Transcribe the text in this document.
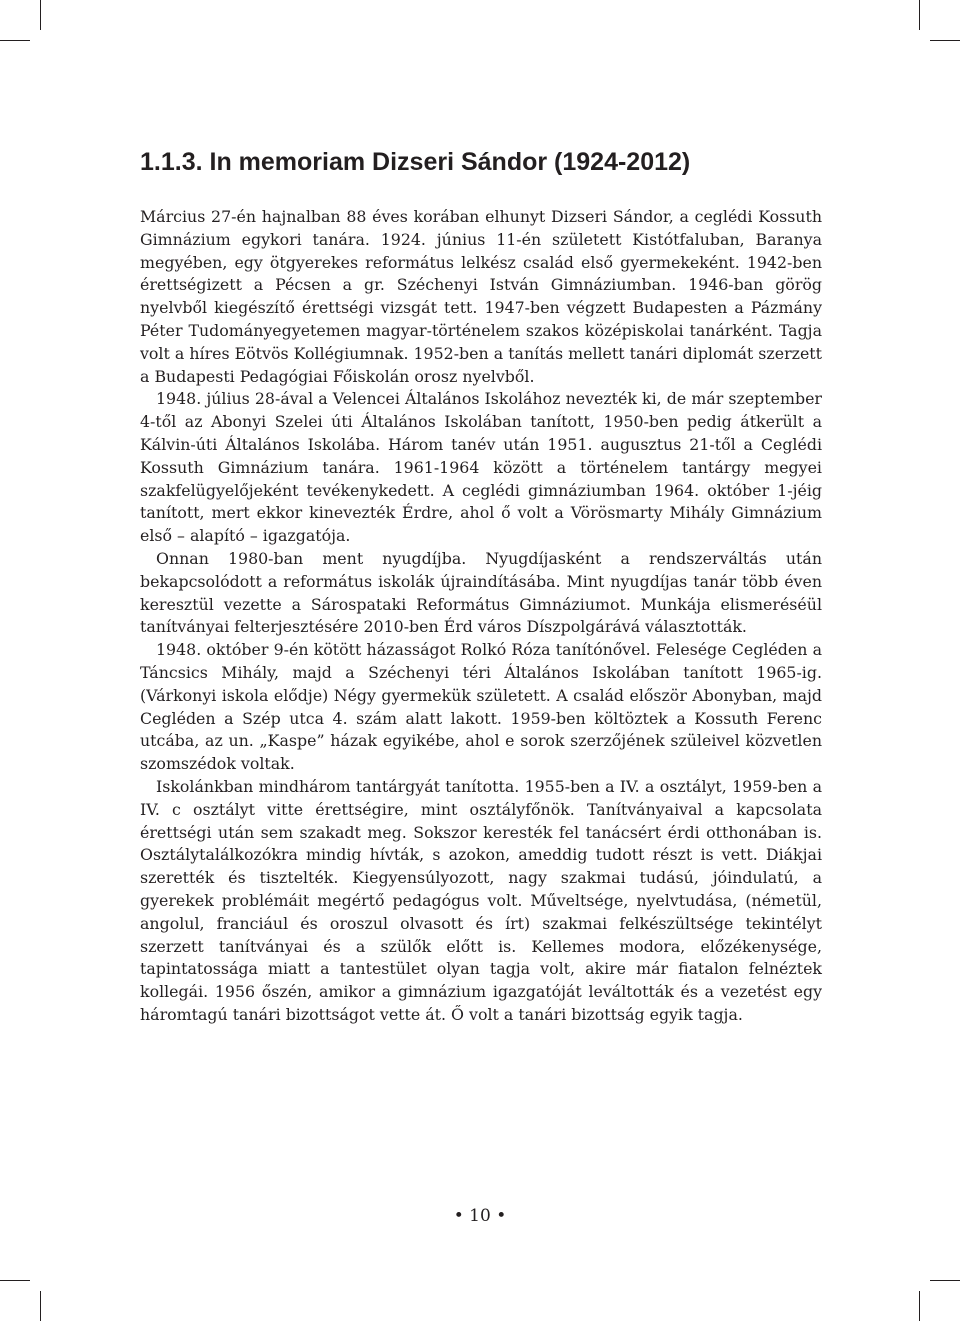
1.1.3. In memoriam Dizseri Sándor (1924-2012)

Március 27-én hajnalban 88 éves korában elhunyt Dizseri Sándor, a ceglédi Kossuth Gimnázium egykori tanára. 1924. június 11-én született Kistótfaluban, Baranya megyében, egy ötgyerekes református lelkész család első gyermekeként. 1942-ben érettségizett a Pécsen a gr. Széchenyi István Gimnáziumban. 1946-ban görög nyelvből kiegészítő érettségi vizsgát tett. 1947-ben végzett Budapesten a Pázmány Péter Tudományegyetemen magyar-történelem szakos középiskolai tanárként. Tagja volt a híres Eötvös Kollégiumnak. 1952-ben a tanítás mellett tanári diplomát szerzett a Budapesti Pedagógiai Főiskolán orosz nyelvből.

1948. július 28-ával a Velencei Általános Iskolához nevezték ki, de már szeptember 4-től az Abonyi Szelei úti Általános Iskolában tanított, 1950-ben pedig átkerült a Kálvin-úti Általános Iskolába. Három tanév után 1951. augusztus 21-től a Ceglédi Kossuth Gimnázium tanára. 1961-1964 között a történelem tantárgy megyei szakfelügyelőjeként tevékenykedett. A ceglédi gimnáziumban 1964. október 1-jéig tanított, mert ekkor kinevezték Érdre, ahol ő volt a Vörösmarty Mihály Gimnázium első – alapító – igazgatója.

Onnan 1980-ban ment nyugdíjba. Nyugdíjasként a rendszerváltás után bekapcsolódott a református iskolák újraindításába. Mint nyugdíjas tanár több éven keresztül vezette a Sárospataki Református Gimnáziumot. Munkája elismeréséül tanítványai felterjesztésére 2010-ben Érd város Díszpolgárává választották.

1948. október 9-én kötött házasságot Rolkó Róza tanítónővel. Felesége Cegléden a Táncsics Mihály, majd a Széchenyi téri Általános Iskolában tanított 1965-ig. (Várkonyi iskola elődje) Négy gyermekük született. A család először Abonyban, majd Cegléden a Szép utca 4. szám alatt lakott. 1959-ben költöztek a Kossuth Ferenc utcába, az un. „Kaspe” házak egyikébe, ahol e sorok szerzőjének szüleivel közvetlen szomszédok voltak.

Iskolánkban mindhárom tantárgyát tanította. 1955-ben a IV. a osztályt, 1959-ben a IV. c osztályt vitte érettségire, mint osztályfőnök. Tanítványaival a kapcsolata érettségi után sem szakadt meg. Sokszor keresték fel tanácsért érdi otthonában is. Osztálytalálkozókra mindig hívták, s azokon, ameddig tudott részt is vett. Diákjai szerették és tisztelték. Kiegyensúlyozott, nagy szakmai tudású, jóindulatú, a gyerekek problémáit megértő pedagógus volt. Műveltsége, nyelvtudása, (németül, angolul, franciául és oroszul olvasott és írt) szakmai felkészültsége tekintélyt szerzett tanítványai és a szülők előtt is. Kellemes modora, előzékenysége, tapintatossága miatt a tantestület olyan tagja volt, akire már fiatalon felnéztek kollegái. 1956 őszén, amikor a gimnázium igazgatóját leváltották és a vezetést egy háromtagú tanári bizottságot vette át. Ő volt a tanári bizottság egyik tagja.

• 10 •
